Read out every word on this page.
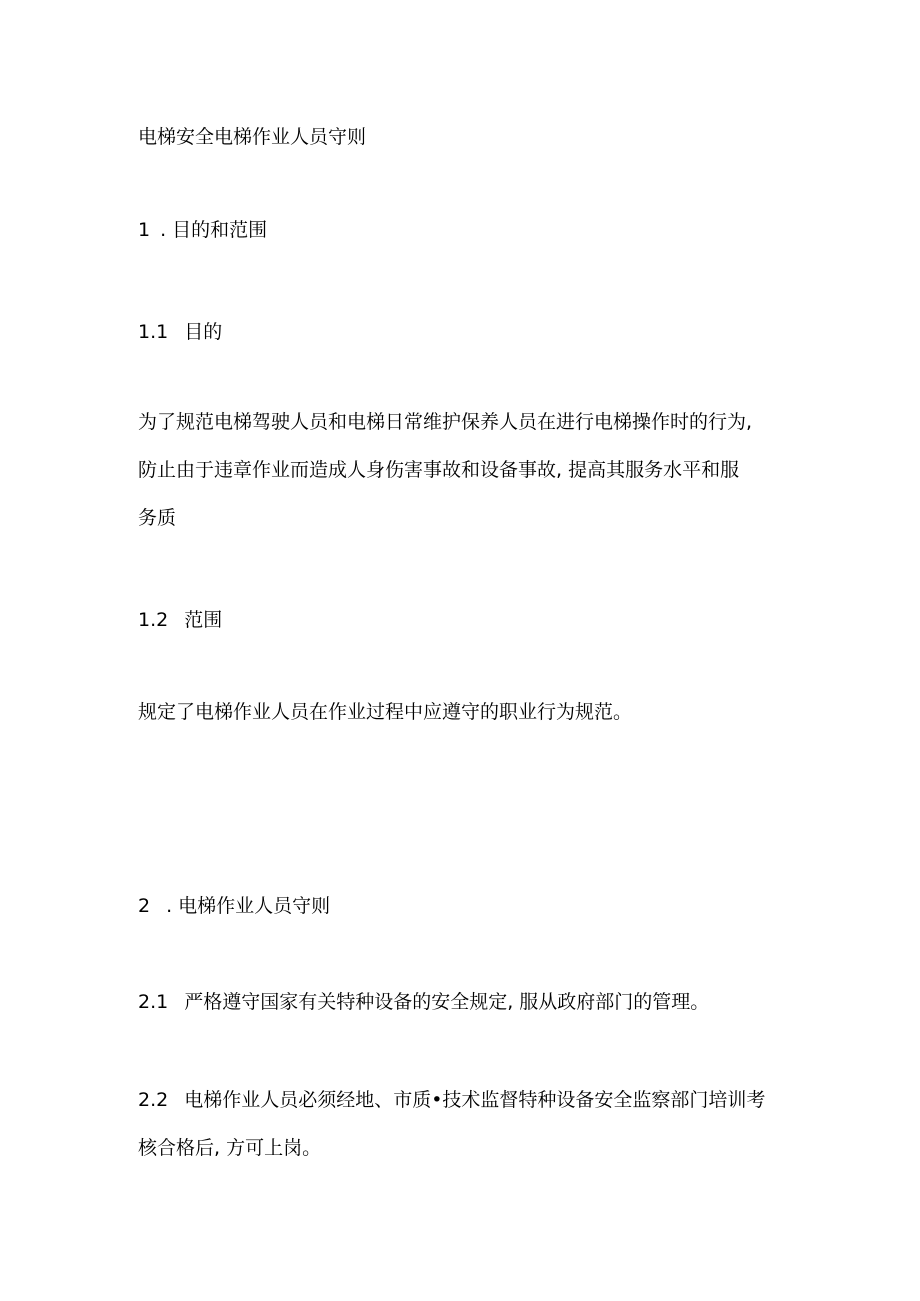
电梯安全电梯作业人员守则
1 . 目的和范围
1.1 目的
为了规范电梯驾驶人员和电梯日常维护保养人员在进行电梯操作时的行为,
防止由于违章作业而造成人身伤害事故和设备事故, 提高其服务水平和服
务质
1.2 范围
规定了电梯作业人员在作业过程中应遵守的职业行为规范。
2 . 电梯作业人员守则
2.1 严格遵守国家有关特种设备的安全规定, 服从政府部门的管理。
2.2 电梯作业人员必须经地、市质•技术监督特种设备安全监察部门培训考
核合格后, 方可上岗。
